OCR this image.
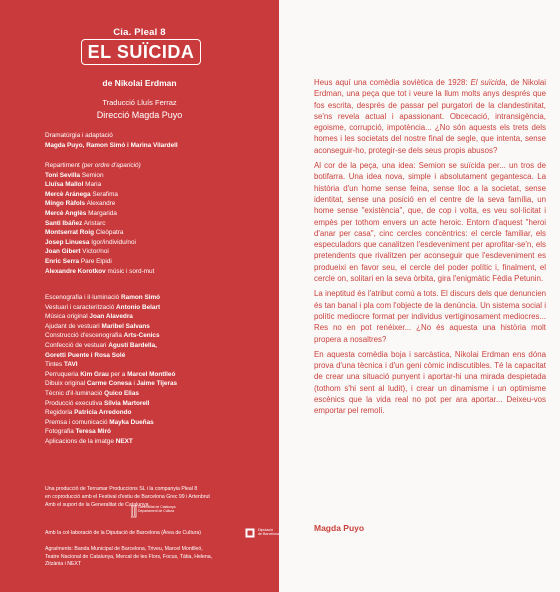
Cia. Pleal 8
EL SUÏCIDA
de Nikolai Erdman
Traducció Lluís Ferraz
Direcció Magda Puyo
Dramatúrgia i adaptació
Magda Puyo, Ramon Simó i Marina Vilardell
Repartiment (per ordre d'aparició)
Toni Sevilla Semion
Lluïsa Mallol Maria
Mercè Aránega Serafima
Mingo Ràfols Alexandre
Mercè Anglès Margarida
Santi Ibáñez Aristarc
Montserrat Roig Cleòpatra
Josep Linuesa Igor/individu/noi
Joan Gibert Victor/noi
Enric Serra Pare Elpidi
Alexandre Korotkov músic i sord-mut
Escenografia i il·luminació Ramon Simó
Vestuari i caracterització Antonio Belart
Música original Joan Alavedra
Ajudant de vestuari Maribel Salvans
Construcció d'escenografia Arts-Cenics
Confecció de vestuari Agustí Bardella,
Goretti Puente i Rosa Solé
Tintes TAVI
Perruqueria Kim Grau per a Marcel Montlleó
Dibuix original Carme Conesa i Jaime Tijeras
Tècnic d'il·luminació Quico Elias
Producció executiva Sílvia Martorell
Regidoria Patricia Arredondo
Premsa i comunicació Mayka Dueñas
Fotografia Teresa Miró
Aplicacions de la imatge NEXT
Una producció de Terramar Produccions SL i la companyia Pleal 8
en coproducció amb el Festival d'estiu de Barcelona Grec 99 i Artenbrut
Amb el suport de la Generalitat de Catalunya
Generalitat de Catalunya
Departament de Cultura
Amb la col·laboració de la Diputació de Barcelona (Àrea de Cultura)	Diputació
de Barcelona
Agraïments: Banda Municipal de Barcelona, Triveu, Marcel Montlleó,
Teatre Nacional de Catalunya, Mercat de les Flors, Focus, Tàtia, Helena,
Zitzània i NEXT

Heus aquí una comèdia soviètica de 1928: El suïcida, de Nikolai Erdman, una peça que tot i veure la llum molts anys després que fos escrita, després de passar pel purgatori de la clandestinitat, se'ns revela actual i apassionant. Obcecació, intransigència, egoisme, corrupció, impotència... ¿No són aquests els trets dels homes i les societats del nostre final de segle, que intenta, sense aconseguir-ho, protegir-se dels seus propis abusos?

Al cor de la peça, una idea: Semion se suïcida per... un tros de botifarra. Una idea nova, simple i absolutament gegantesca. La història d'un home sense feina, sense lloc a la societat, sense identitat, sense una posició en el centre de la seva família, un home sense "existència", que, de cop i volta, es veu sol·licitat i empès per tothom envers un acte heroic. Entorn d'aquest "heroi d'anar per casa", cinc cercles concèntrics: el cercle familiar, els especuladors que canalitzen l'esdeveniment per aprofitar-se'n, els pretendents que rivalitzen per aconseguir que l'esdeveniment es produeixi en favor seu, el cercle del poder polític i, finalment, el cercle on, solitari en la seva òrbita, gira l'enigmàtic Fèdia Petunin.

La ineptitud és l'atribut comú a tots. El discurs dels que denuncien és tan banal i pla com l'objecte de la denúncia. Un sistema social i polític mediocre format per individus vertiginosament mediocres... Res no en pot renéixer... ¿No és aquesta una història molt propera a nosaltres?

En aquesta comèdia boja i sarcàstica, Nikolai Erdman ens dóna prova d'una tècnica i d'un geni còmic indiscutibles. Té la capacitat de crear una situació punyent i aportar-hi una mirada despietada (tothom s'hi sent al ludit), i crear un dinamisme i un optimisme escènics que la vida real no pot per ara aportar... Deixeu-vos emportar pel remolí.

Magda Puyo
